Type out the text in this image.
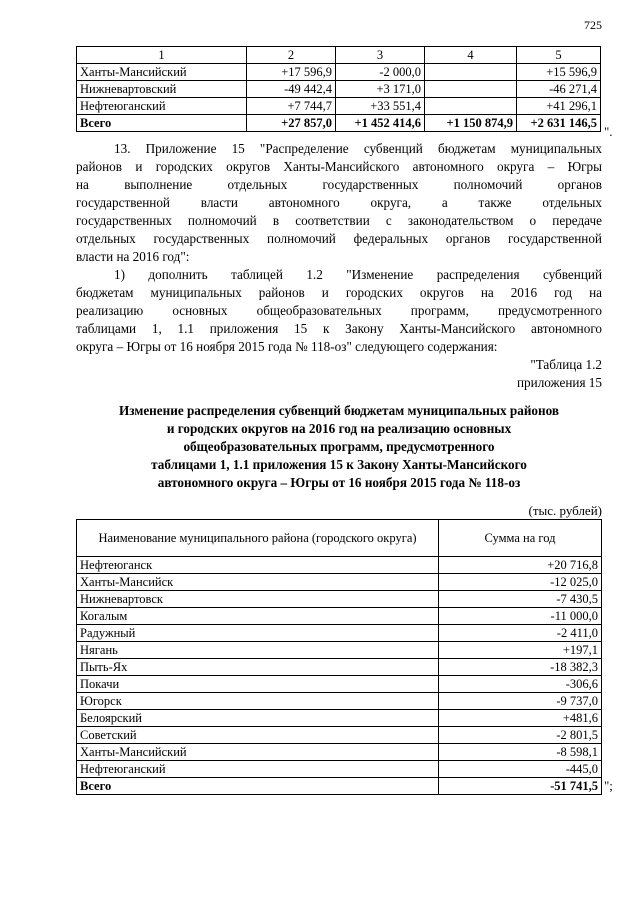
725
1	2	3	4	5
Ханты-Мансийский	+17 596,9	-2 000,0		+15 596,9
Нижневартовский	-49 442,4	+3 171,0		-46 271,4
Нефтеюганский	+7 744,7	+33 551,4		+41 296,1
Всего	+27 857,0	+1 452 414,6	+1 150 874,9	+2 631 146,5
".

13. Приложение 15 "Распределение субвенций бюджетам муниципальных

районов и городских округов Ханты-Мансийского автономного округа – Югры

на выполнение отдельных государственных полномочий органов

государственной власти автономного округа, а также отдельных

государственных полномочий в соответствии с законодательством о передаче

отдельных государственных полномочий федеральных органов государственной

власти на 2016 год":

1) дополнить таблицей 1.2 "Изменение распределения субвенций

бюджетам муниципальных районов и городских округов на 2016 год на

реализацию основных общеобразовательных программ, предусмотренного

таблицами 1, 1.1 приложения 15 к Закону Ханты-Мансийского автономного

округа – Югры от 16 ноября 2015 года № 118-оз" следующего содержания:

"Таблица 1.2
приложения 15
Изменение распределения субвенций бюджетам муниципальных районов
и городских округов на 2016 год на реализацию основных
общеобразовательных программ, предусмотренного
таблицами 1, 1.1 приложения 15 к Закону Ханты-Мансийского
автономного округа – Югры от 16 ноября 2015 года № 118-оз
(тыс. рублей)
Наименование муниципального района (городского округа)	Сумма на год
Нефтеюганск	+20 716,8
Ханты-Мансийск	-12 025,0
Нижневартовск	-7 430,5
Когалым	-11 000,0
Радужный	-2 411,0
Нягань	+197,1
Пыть-Ях	-18 382,3
Покачи	-306,6
Югорск	-9 737,0
Белоярский	+481,6
Советский	-2 801,5
Ханты-Мансийский	-8 598,1
Нефтеюганский	-445,0
Всего	-51 741,5 ";
